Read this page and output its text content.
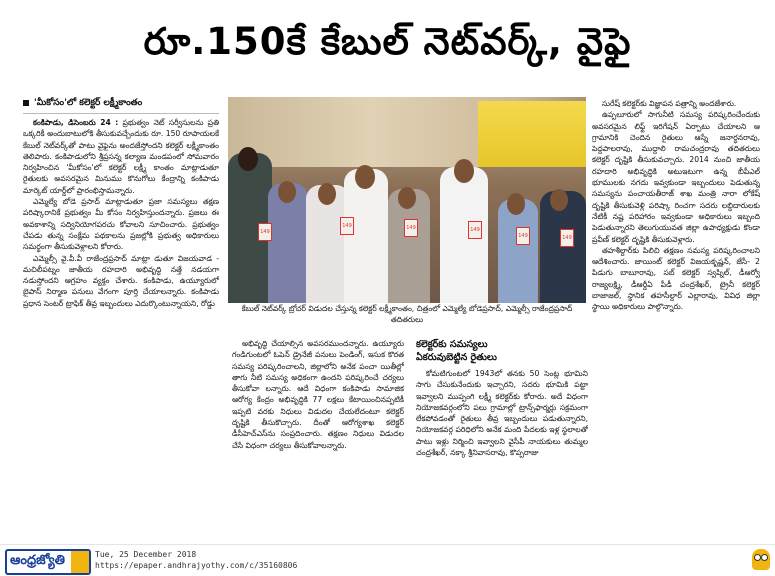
రూ.150కే కేబుల్ నెట్‌వర్క్, వైఫై
'మీకోసం'లో కలెక్టర్ లక్ష్మీకాంతం

కంకిపాడు, డిసెంబరు 24 : ప్రభుత్వం నెట్ సర్వీసులను ప్రతి ఒక్కరికీ అందుబాటులోకి తీసుకువచ్చేందుకు రూ. 150 రూపాయలకే కేబుల్ నెట్‌వర్క్‌తో పాటు వైఫైను అందజేస్తోందని కలెక్టర్ లక్ష్మీకాంతం తెలిపారు. కంకిపాడులోని శ్రీప్రసన్న కల్యాణ మండపంలో సోమవారం నిర్వహించిన 'మీకోసం'లో కలెక్టర్ లక్ష్మీ కాంతం మాట్లాడుతూ రైతులకు అవసరమైన మినుము కొనుగోలు కేంద్రాన్ని కంకిపాడు మార్కెట్ యార్డ్‌లో ప్రారంభిస్తామన్నారు.

ఎమ్మెల్యే బోడె ప్రసాద్ మాట్లాడుతూ ప్రజా సమస్యలు తక్షణ పరిష్కారానికే ప్రభుత్వం మీ కోసం నిర్వహిస్తుందన్నారు. ప్రజలు ఈ అవకాశాన్ని సద్వినియోగపరచు కోవాలని సూచించారు. ప్రభుత్వం చేపడు తున్న సంక్షేమ పథకాలను ప్రజల్లోకి ప్రభుత్వ అధికారులు సమర్థంగా తీసుకువెళ్లాలని కోరారు.

ఎమ్మెల్సీ వై.వీ.వీ రాజేంద్రప్రసాద్ మాట్లా డుతూ విజయవాడ - మచిలీపట్నం జాతీయ రహదారి అభివృద్ధి నత్తే నడయగా నడుస్తోందని ఆగ్రహం వ్యక్తం చేశారు. కంకిపాడు, ఉయ్యూరులో బైపాస్ నిర్మాణ పనులు వేగంగా పూర్తి చేయాలన్నారు. కంకిపాడు ప్రధాన సెంటర్ ట్రాఫిక్ తీవ్ర ఇబ్బందులు ఎదుర్కొంటున్నాయని, రోడ్డు

149
149	149	149
149	149
కేబుల్ నెట్‌వర్క్ బ్రోచర్ విడుదల చేస్తున్న కలెక్టర్ లక్ష్మీకాంతం, చిత్రంలో ఎమ్మెల్యే బోడెప్రసాద్, ఎమ్మెల్సీ రాజేంద్రప్రసాద్ తదితరులు

అభివృద్ధి చేయాల్సిన అవసరముందన్నారు. ఉయ్యూరు గండిగుంటలో ఓపెన్ డ్రైనేజీ పనులు పెండింగ్, ఇసుక కొరత సమస్య పరిష్కరించాలని, జిల్లాలోని అనేక పంచా యితీల్లో తాగు నీటి సమస్య అధికంగా ఉందని పరిష్కరించే చర్యలు తీసుకోవా లన్నారు. ఆదే విధంగా కంకిపాడు సామాజిక ఆరోగ్య కేంద్రం అభివృద్ధికి 77 లక్షలు కేటాయించినప్పటికీ ఇప్పటి వరకు నిధులు విడుదల చేయలేదంటూ కలెక్టర్ దృష్టికి తీసుకొచ్చారు. దీంతో ఆరోగ్యశాఖ కలెక్టర్ డీసీహెచ్ఎస్‌ను సంప్రదించారు. తక్షణం నిధులు విడుదల చేసే విధంగా చర్యలు తీసుకోవాలన్నారు.

కలెక్టర్‌కు సమస్యలు
ఏకరువుబెట్టిన రైతులు

కోమటిగుంటలో 1943లో తనకు 50 సెంట్ల భూమిని సాగు చేసుకునేందుకు ఇచ్చారని, సదరు భూమికి పట్టా ఇవ్వాలని ముప్పంగి లక్ష్మీ కలెక్టర్‌కు కోరారు. అదే విధంగా నియోజకవర్గంలోని పలు గ్రామాల్లో ట్రాన్స్‌ఫార్మర్లు సక్రమంగా లేకపోవడంతో రైతులు తీవ్ర ఇబ్బందులు పడుతున్నారని, నియోజకవర్గ పరిధిలోని అనేక మంది పేదలకు ఇళ్ల స్థలాలతో పాటు ఇళ్లు నిర్మించి ఇవ్వాలని వైసీపీ నాయకులు తుమ్మల చంద్రశేఖర్, నక్కా శ్రీనివాసరావు, కొప్పరాజు

సురేష్ కలెక్టర్‌కు విజ్ఞాపన పత్రాన్ని అందజేశారు.

ఉప్పలూరులో సాగునీటి సమస్య పరిష్కరించేందుకు అవసరమైన లిఫ్ట్ ఇరిగేషన్ ఏర్పాటు చేయాలని ఆ గ్రామానికి చెందిన రైతులు ఆస్నే జనార్ధనరావు, పెద్దపాలరావు, ముద్దాలి రామచంద్రరావు తదితరులు కలెక్టర్ దృష్టికి తీసుకువచ్చారు. 2014 నుంచి జాతీయ రహదారి అభివృద్ధికి అటుఇటుగా ఉన్న బీపీఎల్ భూములకు నగదు ఇవ్వకుండా ఇబ్బందులు పెడుతున్న సమస్యను పంచాయతీరాజ్ శాఖ మంత్రి నారా లోకేష్ దృష్టికి తీసుకువెళ్లి పరిష్కా రించగా సదరు లబ్ధిదారులకు నేటికీ నష్ట పరిహారం ఇవ్వకుండా అధికారులు ఇబ్బంది పెడుతున్నారని తెలుగుయువత జిల్లా ఉపాధ్యక్షుడు కొండా ప్రవీణ్ కలెక్టర్ దృష్టికి తీసుకువెళ్లారు.

తహశీల్దార్‌కు పిలిచి తక్షణం సమస్య పరిష్కరించాలని ఆదేశించారు. జాయింట్ కలెక్టర్ విజయకృష్ణన్, జేసీ- 2 పిడుగు బాబూరావు, సబ్ కలెక్టర్ స్వప్నిల్, డీఆర్వో రాజ్యలక్ష్మి, డీఆర్డీఏ పీడీ చంద్రశేఖర్, ట్రైనీ కలెక్టర్ బాజాజల్, స్థానిక తహసీల్దార్ ఎల్లారావు, వివిధ జిల్లా స్థాయి అధికారులు పాల్గొన్నారు.

ఆంధ్రజ్యోతి	Tue, 25 December 2018
https://epaper.andhrajyothy.com/c/35160806
